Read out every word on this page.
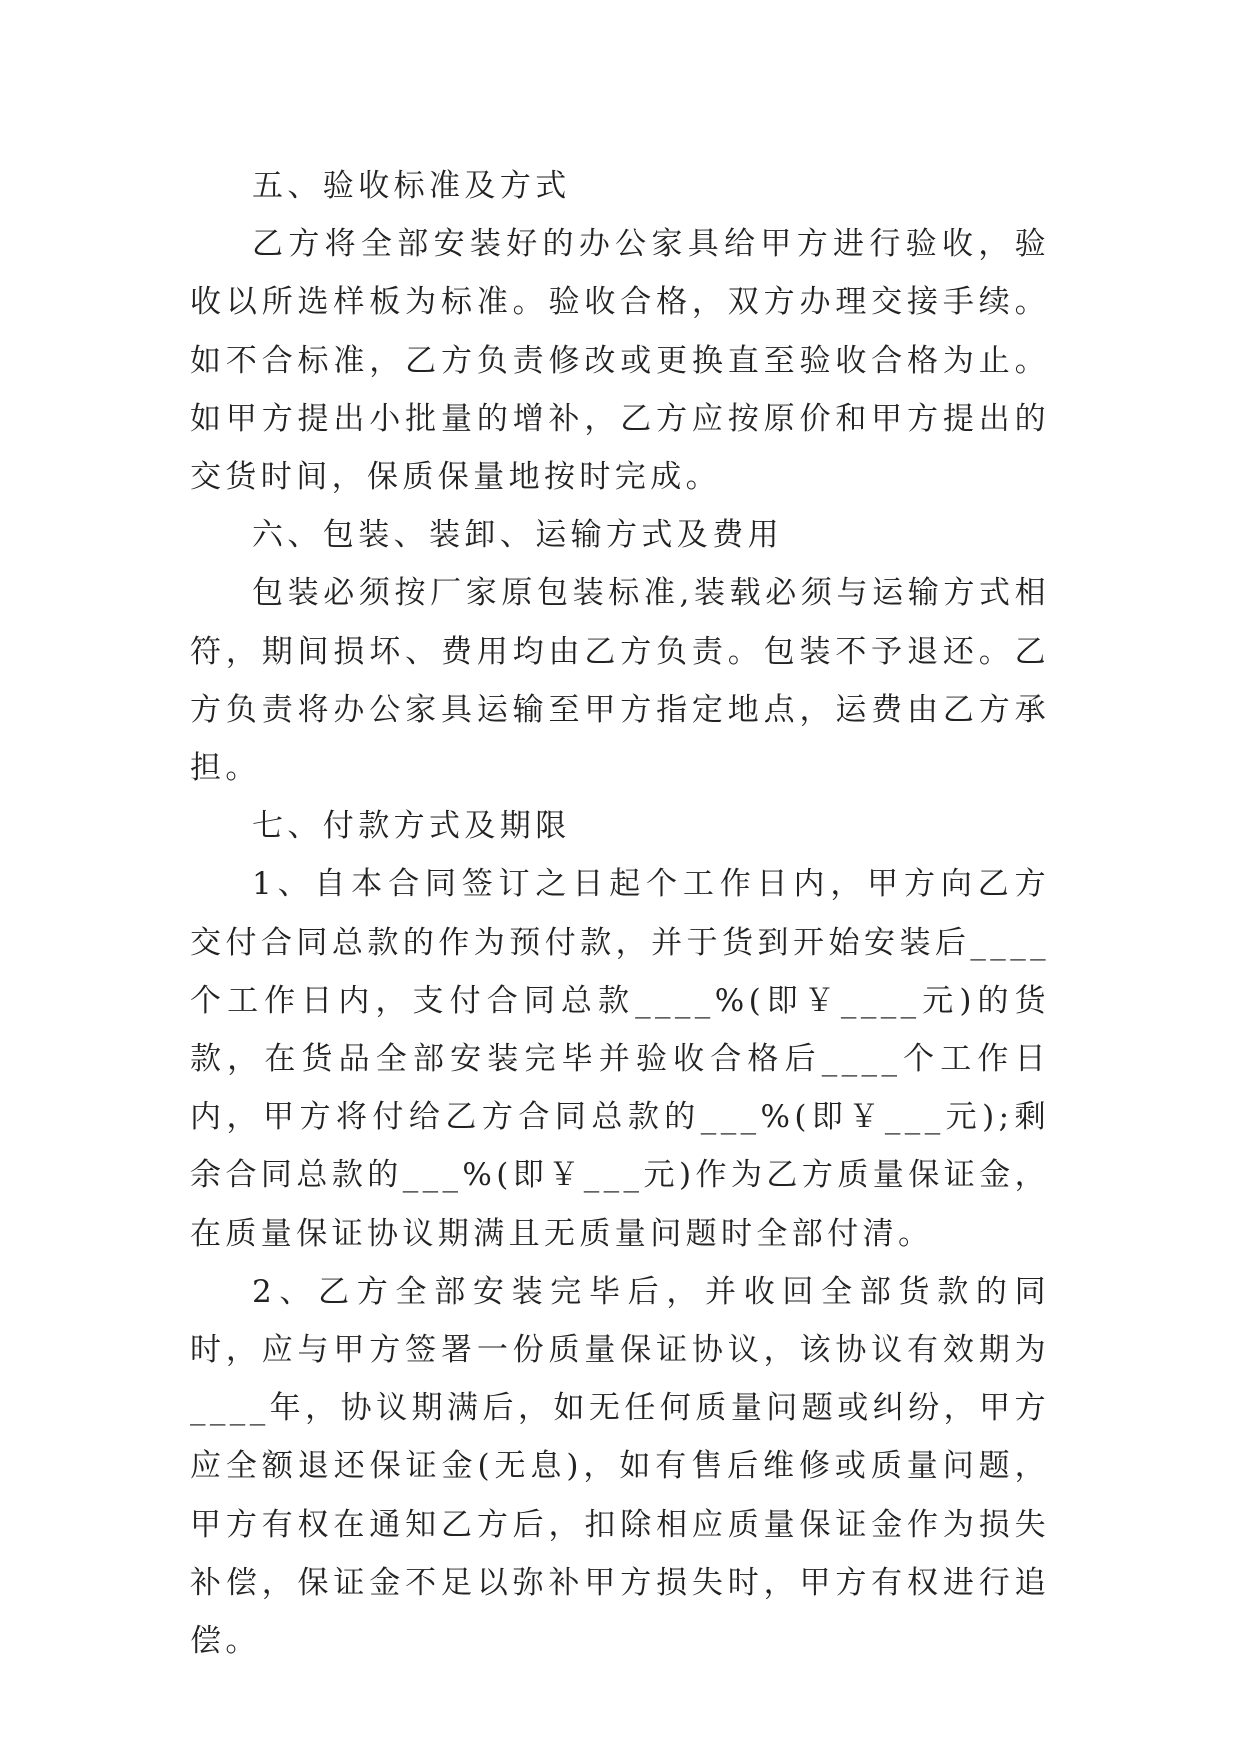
五、验收标准及方式

乙方将全部安装好的办公家具给甲方进行验收，验收以所选样板为标准。验收合格，双方办理交接手续。如不合标准，乙方负责修改或更换直至验收合格为止。如甲方提出小批量的增补，乙方应按原价和甲方提出的交货时间，保质保量地按时完成。

六、包装、装卸、运输方式及费用

包装必须按厂家原包装标准,装载必须与运输方式相符，期间损坏、费用均由乙方负责。包装不予退还。乙方负责将办公家具运输至甲方指定地点，运费由乙方承担。

七、付款方式及期限

1、自本合同签订之日起个工作日内，甲方向乙方交付合同总款的作为预付款，并于货到开始安装后____个工作日内，支付合同总款____%(即￥____元)的货款，在货品全部安装完毕并验收合格后____个工作日内，甲方将付给乙方合同总款的___%(即￥___元);剩余合同总款的___%(即￥___元)作为乙方质量保证金，在质量保证协议期满且无质量问题时全部付清。

2、乙方全部安装完毕后，并收回全部货款的同时，应与甲方签署一份质量保证协议，该协议有效期为____年，协议期满后，如无任何质量问题或纠纷，甲方应全额退还保证金(无息)，如有售后维修或质量问题，甲方有权在通知乙方后，扣除相应质量保证金作为损失补偿，保证金不足以弥补甲方损失时，甲方有权进行追偿。
